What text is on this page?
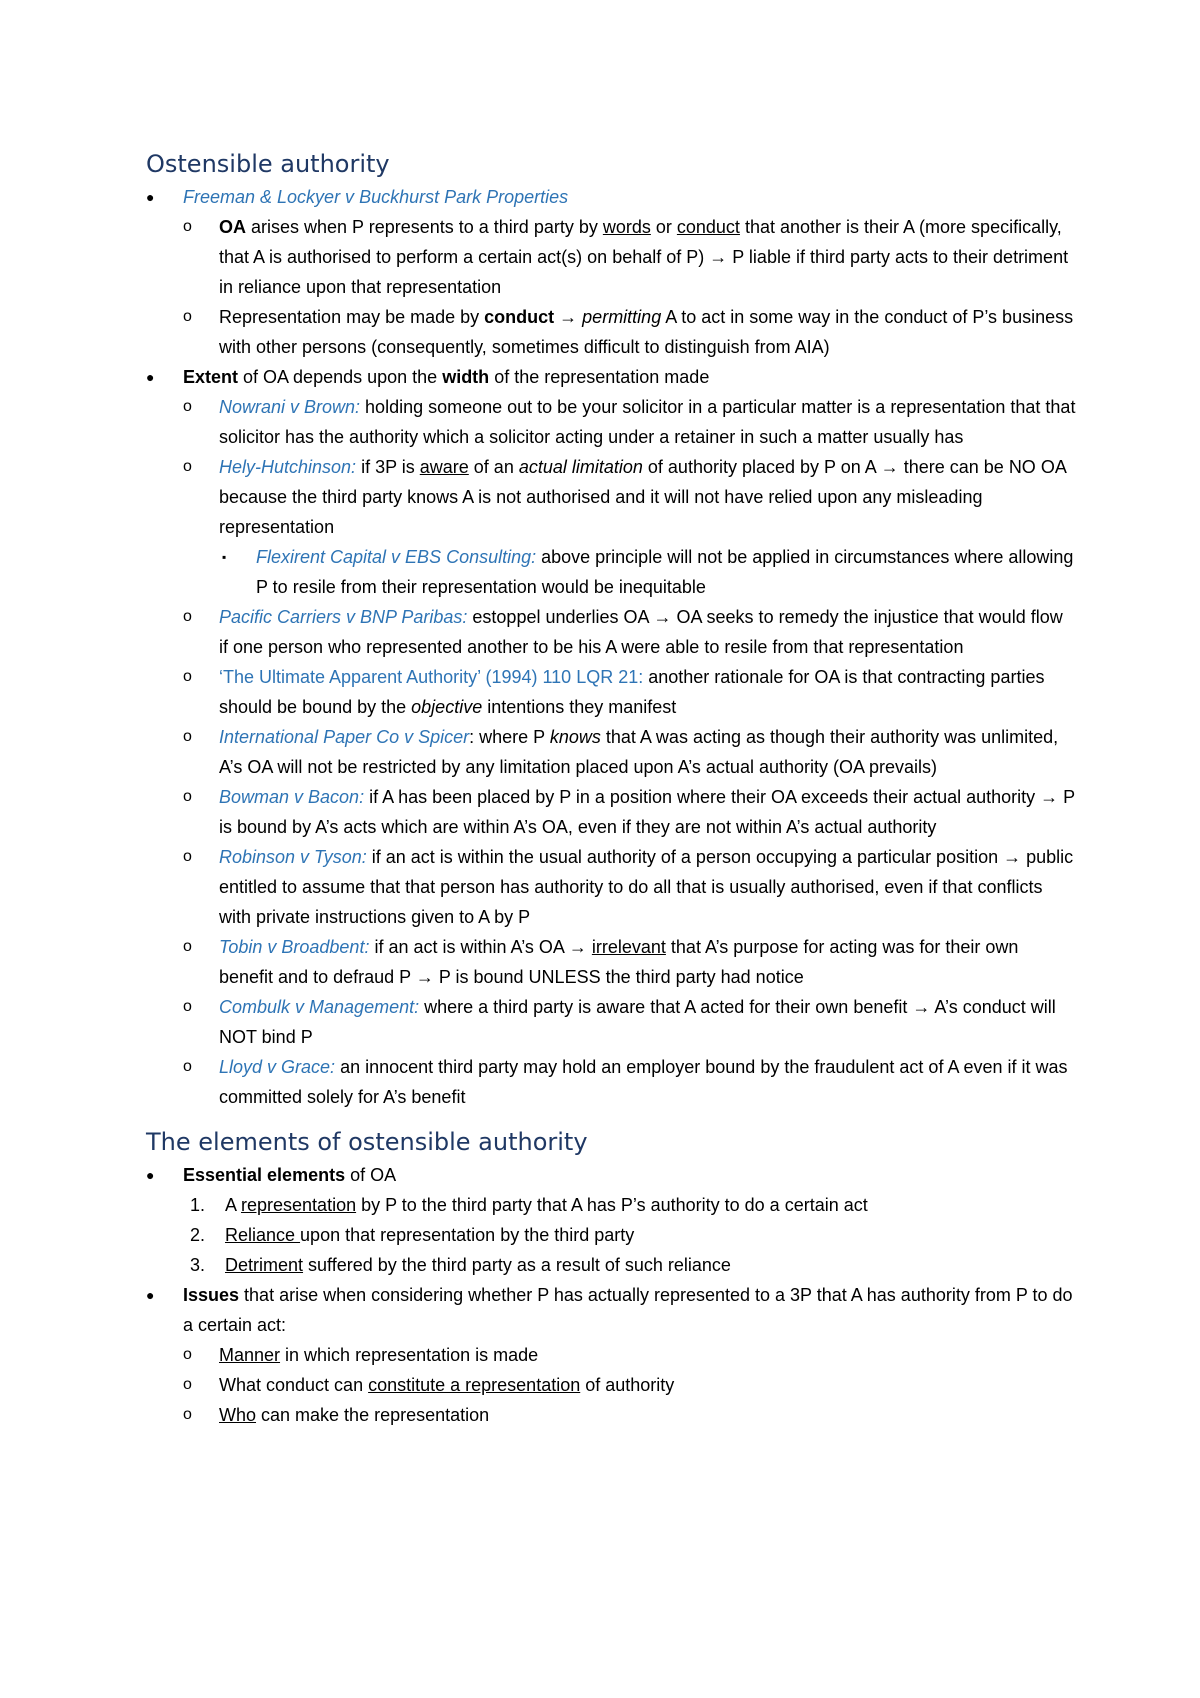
Ostensible authority
● Freeman & Lockyer v Buckhurst Park Properties
o OA arises when P represents to a third party by words or conduct that another is their A (more specifically, that A is authorised to perform a certain act(s) on behalf of P) → P liable if third party acts to their detriment in reliance upon that representation
o Representation may be made by conduct → permitting A to act in some way in the conduct of P’s business with other persons (consequently, sometimes difficult to distinguish from AIA)
● Extent of OA depends upon the width of the representation made
o Nowrani v Brown: holding someone out to be your solicitor in a particular matter is a representation that that solicitor has the authority which a solicitor acting under a retainer in such a matter usually has
o Hely-Hutchinson: if 3P is aware of an actual limitation of authority placed by P on A → there can be NO OA because the third party knows A is not authorised and it will not have relied upon any misleading representation
▪ Flexirent Capital v EBS Consulting: above principle will not be applied in circumstances where allowing P to resile from their representation would be inequitable
o Pacific Carriers v BNP Paribas: estoppel underlies OA → OA seeks to remedy the injustice that would flow if one person who represented another to be his A were able to resile from that representation
o ‘The Ultimate Apparent Authority’ (1994) 110 LQR 21: another rationale for OA is that contracting parties should be bound by the objective intentions they manifest
o International Paper Co v Spicer: where P knows that A was acting as though their authority was unlimited, A’s OA will not be restricted by any limitation placed upon A’s actual authority (OA prevails)
o Bowman v Bacon: if A has been placed by P in a position where their OA exceeds their actual authority → P is bound by A’s acts which are within A’s OA, even if they are not within A’s actual authority
o Robinson v Tyson: if an act is within the usual authority of a person occupying a particular position → public entitled to assume that that person has authority to do all that is usually authorised, even if that conflicts with private instructions given to A by P
o Tobin v Broadbent: if an act is within A’s OA → irrelevant that A’s purpose for acting was for their own benefit and to defraud P → P is bound UNLESS the third party had notice
o Combulk v Management: where a third party is aware that A acted for their own benefit → A’s conduct will NOT bind P
o Lloyd v Grace: an innocent third party may hold an employer bound by the fraudulent act of A even if it was committed solely for A’s benefit
The elements of ostensible authority
● Essential elements of OA
1. A representation by P to the third party that A has P’s authority to do a certain act
2. Reliance upon that representation by the third party
3. Detriment suffered by the third party as a result of such reliance
● Issues that arise when considering whether P has actually represented to a 3P that A has authority from P to do a certain act:
o Manner in which representation is made
o What conduct can constitute a representation of authority
o Who can make the representation
